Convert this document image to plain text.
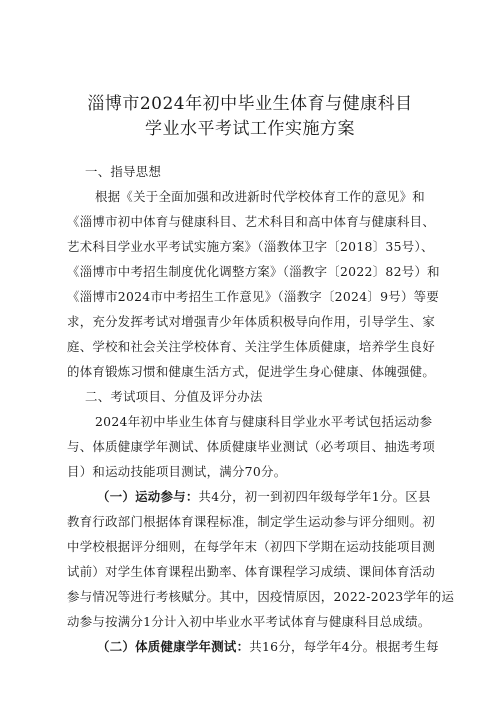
淄博市2024年初中毕业生体育与健康科目
学业水平考试工作实施方案
一、指导思想
根据《关于全面加强和改进新时代学校体育工作的意见》和
《淄博市初中体育与健康科目、艺术科目和高中体育与健康科目、
艺术科目学业水平考试实施方案》（淄教体卫字〔2018〕35号）、
《淄博市中考招生制度优化调整方案》（淄教字〔2022〕82号）和
《淄博市2024市中考招生工作意见》（淄教字〔2024〕9号）等要
求，充分发挥考试对增强青少年体质积极导向作用，引导学生、家
庭、学校和社会关注学校体育、关注学生体质健康，培养学生良好
的体育锻炼习惯和健康生活方式，促进学生身心健康、体魄强健。
二、考试项目、分值及评分办法
2024年初中毕业生体育与健康科目学业水平考试包括运动参
与、体质健康学年测试、体质健康毕业测试（必考项目、抽选考项
目）和运动技能项目测试，满分70分。
（一）运动参与：共4分，初一到初四年级每学年1分。区县
教育行政部门根据体育课程标准，制定学生运动参与评分细则。初
中学校根据评分细则，在每学年末（初四下学期在运动技能项目测
试前）对学生体育课程出勤率、体育课程学习成绩、课间体育活动
参与情况等进行考核赋分。其中，因疫情原因，2022-2023学年的运
动参与按满分1分计入初中毕业水平考试体育与健康科目总成绩。
（二）体质健康学年测试：共16分，每学年4分。根据考生每
